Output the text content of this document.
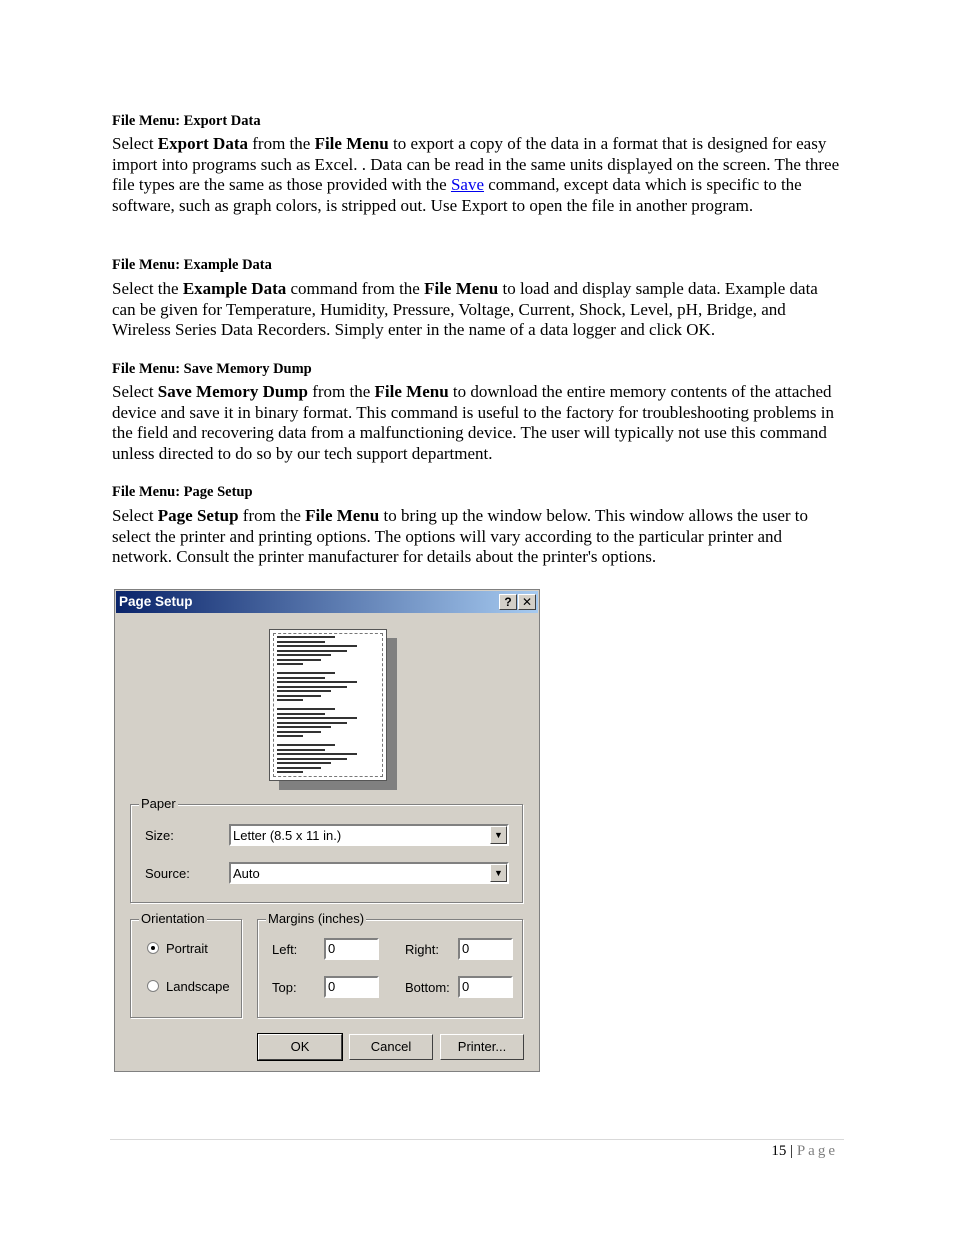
File Menu: Export Data

Select Export Data from the File Menu to export a copy of the data in a format that is designed for easy import into programs such as Excel. . Data can be read in the same units displayed on the screen. The three file types are the same as those provided with the Save command, except data which is specific to the software, such as graph colors, is stripped out. Use Export to open the file in another program.

File Menu: Example Data

Select the Example Data command from the File Menu to load and display sample data. Example data can be given for Temperature, Humidity, Pressure, Voltage, Current, Shock, Level, pH, Bridge, and Wireless Series Data Recorders. Simply enter in the name of a data logger and click OK.

File Menu: Save Memory Dump

Select Save Memory Dump from the File Menu to download the entire memory contents of the attached device and save it in binary format. This command is useful to the factory for troubleshooting problems in the field and recovering data from a malfunctioning device. The user will typically not use this command unless directed to do so by our tech support department.

File Menu: Page Setup

Select Page Setup from the File Menu to bring up the window below. This window allows the user to select the printer and printing options. The options will vary according to the particular printer and network. Consult the printer manufacturer for details about the printer's options.

Page Setup	? ✕
Paper
Size:	Letter (8.5 x 11 in.)	▼
Source:	Auto	▼
Orientation
Portrait
Landscape
Margins (inches)
Left:	0	Right:	0
Top:	0	Bottom: 0
OK	Cancel	Printer...
15 | Page
